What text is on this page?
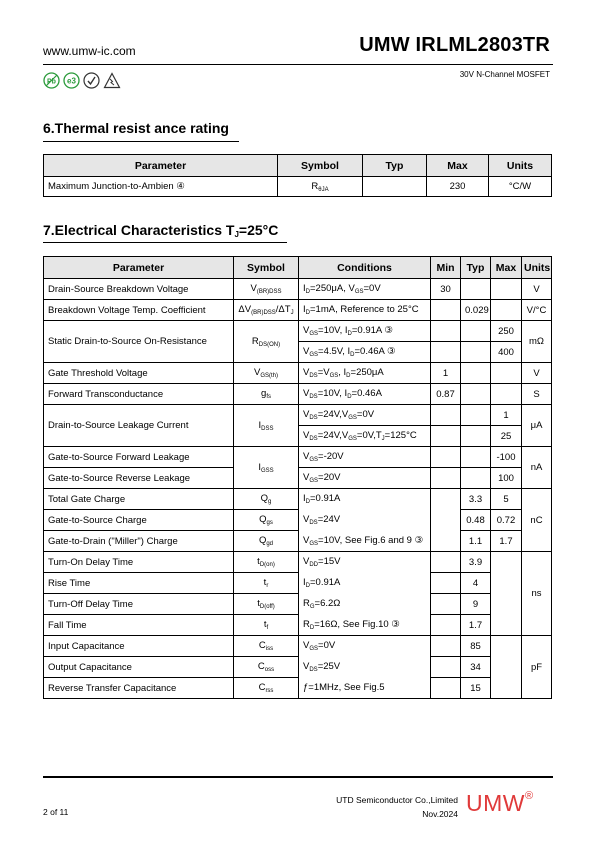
www.umw-ic.com	UMW IRLML2803TR
30V N-Channel MOSFET
Pb e3
6.Thermal resist ance rating
Parameter	Symbol	Typ	Max	Units
Maximum Junction-to-Ambien ④	$R_{\theta JA}$		230	°C/W
7.Electrical Characteristics $T_J=25^\circ C$
Parameter	Symbol	Conditions	Min	Typ	Max	Units
Drain-Source Breakdown Voltage	$V_{(BR)DSS}$	$I_D=250\mu A$, $V_{GS}=0V$	30			V
Breakdown Voltage Temp. Coefficient	$\Delta V_{(BR)DSS}/\Delta T_J$	$I_D=1mA$, Reference to 25°C		0.029		V/°C
Static Drain-to-Source On-Resistance	$R_{DS(ON)}$	$V_{GS}=10V$, $I_D=0.91A$ ③			250	mΩ
		$V_{GS}=4.5V$, $I_D=0.46A$ ③			400	
Gate Threshold Voltage	$V_{GS(th)}$	$V_{DS}=V_{GS}$, $I_D=250\mu A$	1			V
Forward Transconductance	$g_{fs}$	$V_{DS}=10V$, $I_D=0.46A$	0.87			S
Drain-to-Source Leakage Current	$I_{DSS}$	$V_{DS}=24V,V_{GS}=0V$			1	μA
		$V_{DS}=24V,V_{GS}=0V,T_J=125^\circ C$			25	
Gate-to-Source Forward Leakage	$I_{GSS}$	$V_{GS}=-20V$			-100	nA
Gate-to-Source Reverse Leakage		$V_{GS}=20V$			100	
Total Gate Charge	$Q_g$	$I_D=0.91A$		3.3	5	nC
Gate-to-Source Charge	$Q_{gs}$	$V_{DS}=24V$		0.48	0.72	
Gate-to-Drain ("Miller") Charge	$Q_{gd}$	$V_{GS}=10V$, See Fig.6 and 9 ③		1.1	1.7	
Turn-On Delay Time	$t_{D(on)}$	$V_{DD}=15V$		3.9		ns
Rise Time	$t_r$	$I_D=0.91A$		4		
Turn-Off Delay Time	$t_{D(off)}$	$R_G=6.2\Omega$		9		
Fall Time	$t_f$	$R_D=16\Omega$, See Fig.10 ③		1.7		
Input Capacitance	$C_{iss}$	$V_{GS}=0V$		85		pF
Output Capacitance	$C_{oss}$	$V_{DS}=25V$		34		
Reverse Transfer Capacitance	$C_{rss}$	ƒ=1MHz, See Fig.5		15		
2 of 11
UTD Semiconductor Co.,Limited
Nov.2024 UMW®
